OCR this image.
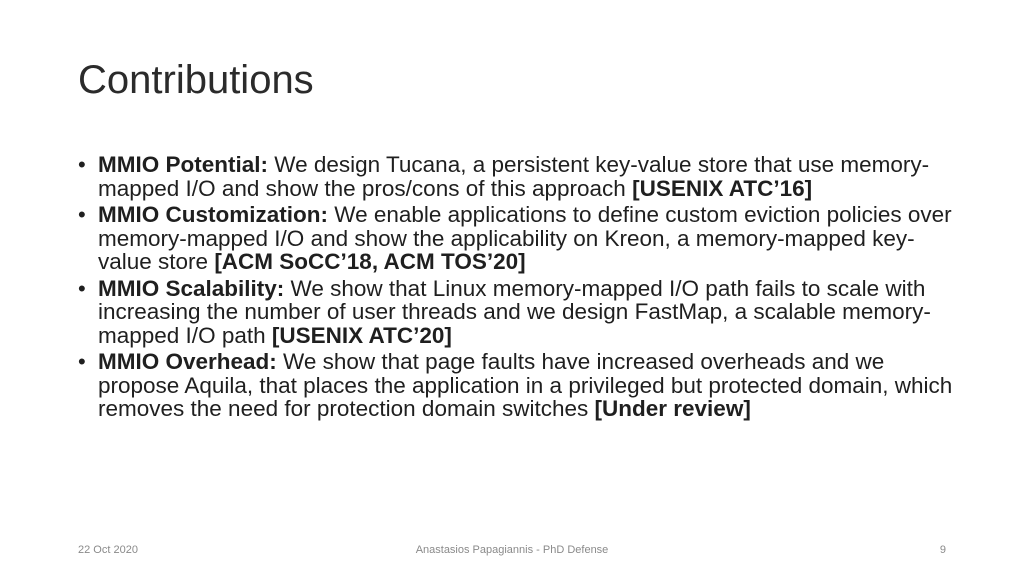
Contributions
• MMIO Potential: We design Tucana, a persistent key-value store that use memory-mapped I/O and show the pros/cons of this approach [USENIX ATC’16]
• MMIO Customization: We enable applications to define custom eviction policies over memory-mapped I/O and show the applicability on Kreon, a memory-mapped key-value store [ACM SoCC’18, ACM TOS’20]
• MMIO Scalability: We show that Linux memory-mapped I/O path fails to scale with increasing the number of user threads and we design FastMap, a scalable memory-mapped I/O path [USENIX ATC’20]
• MMIO Overhead: We show that page faults have increased overheads and we propose Aquila, that places the application in a privileged but protected domain, which removes the need for protection domain switches [Under review]
22 Oct 2020	Anastasios Papagiannis - PhD Defense	9
